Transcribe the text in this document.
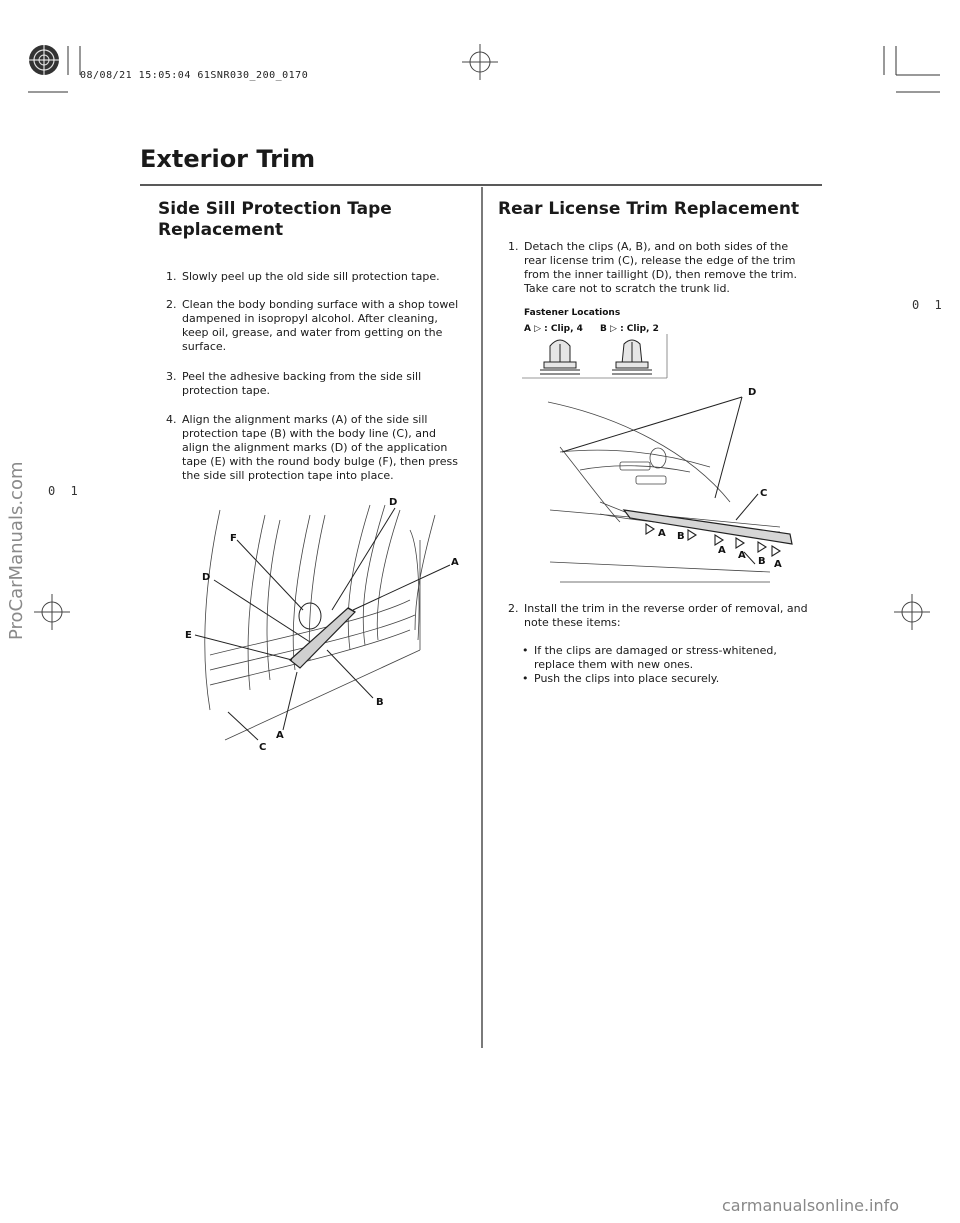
08/08/21 15:05:04 61SNR030_200_0170
0 1
0 1
Exterior Trim
Side Sill Protection Tape
Replacement
1. Slowly peel up the old side sill protection tape.
2. Clean the body bonding surface with a shop towel dampened in isopropyl alcohol. After cleaning, keep oil, grease, and water from getting on the surface.
3. Peel the adhesive backing from the side sill protection tape.
4. Align the alignment marks (A) of the side sill protection tape (B) with the body line (C), and align the alignment marks (D) of the application tape (E) with the round body bulge (F), then press the side sill protection tape into place.
D
F
A
D
E
B
A
C
Rear License Trim Replacement
1. Detach the clips (A, B), and on both sides of the rear license trim (C), release the edge of the trim from the inner taillight (D), then remove the trim. Take care not to scratch the trunk lid.
Fastener Locations
A ▷ : Clip, 4 B ▷ : Clip, 2
D
C
A B
A A
B A
2. Install the trim in the reverse order of removal, and note these items:
• If the clips are damaged or stress-whitened, replace them with new ones.
• Push the clips into place securely.
ProCarManuals.com
carmanualsonline.info
